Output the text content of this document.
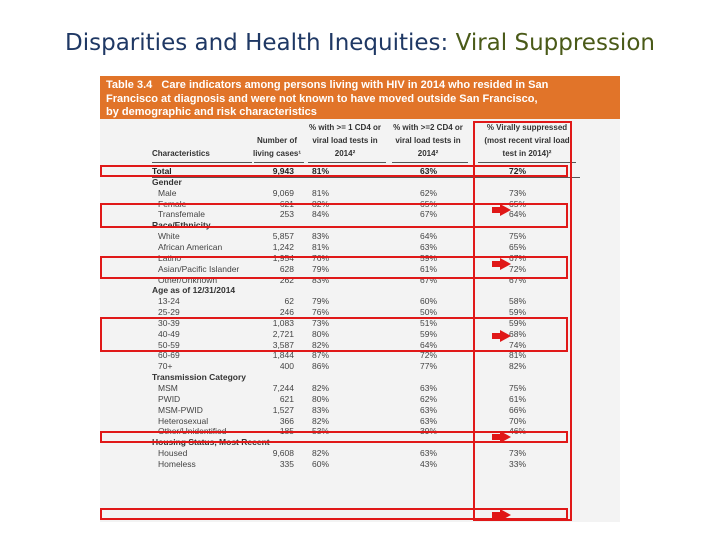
Disparities and Health Inequities: Viral Suppression
Table 3.4   Care indicators among persons living with HIV in 2014 who resided in San
Francisco at diagnosis and were not known to have moved outside San Francisco,
by demographic and risk characteristics
Characteristics
Number of
living cases¹
% with >= 1 CD4 or
viral load tests in
2014²
% with >=2 CD4 or
viral load tests in
2014²
% Virally suppressed
(most recent viral load
test in 2014)²
Total	9,943 81%	63%	72%
Gender
Male	9,069 81%	62%	73%
Female	621 82%	65%	65%
Transfemale	253 84%	67%	64%
Race/Ethnicity
White	5,857 83%	64%	75%
African American	1,242 81%	63%	65%
Latino	1,954 76%	59%	67%
Asian/Pacific Islander	628 79%	61%	72%
Other/Unknown	262 83%	67%	67%
Age as of 12/31/2014
13-24	62 79%	60%	58%
25-29	246 76%	50%	59%
30-39	1,083 73%	51%	59%
40-49	2,721 80%	59%	68%
50-59	3,587 82%	64%	74%
60-69	1,844 87%	72%	81%
70+	400 86%	77%	82%
Transmission Category
MSM	7,244 82%	63%	75%
PWID	621 80%	62%	61%
MSM-PWID	1,527 83%	63%	66%
Heterosexual	366 82%	63%	70%
Other/Unidentified	185 53%	39%	46%
Housing Status, Most Recent
Housed	9,608 82%	63%	73%
Homeless	335 60%	43%	33%
